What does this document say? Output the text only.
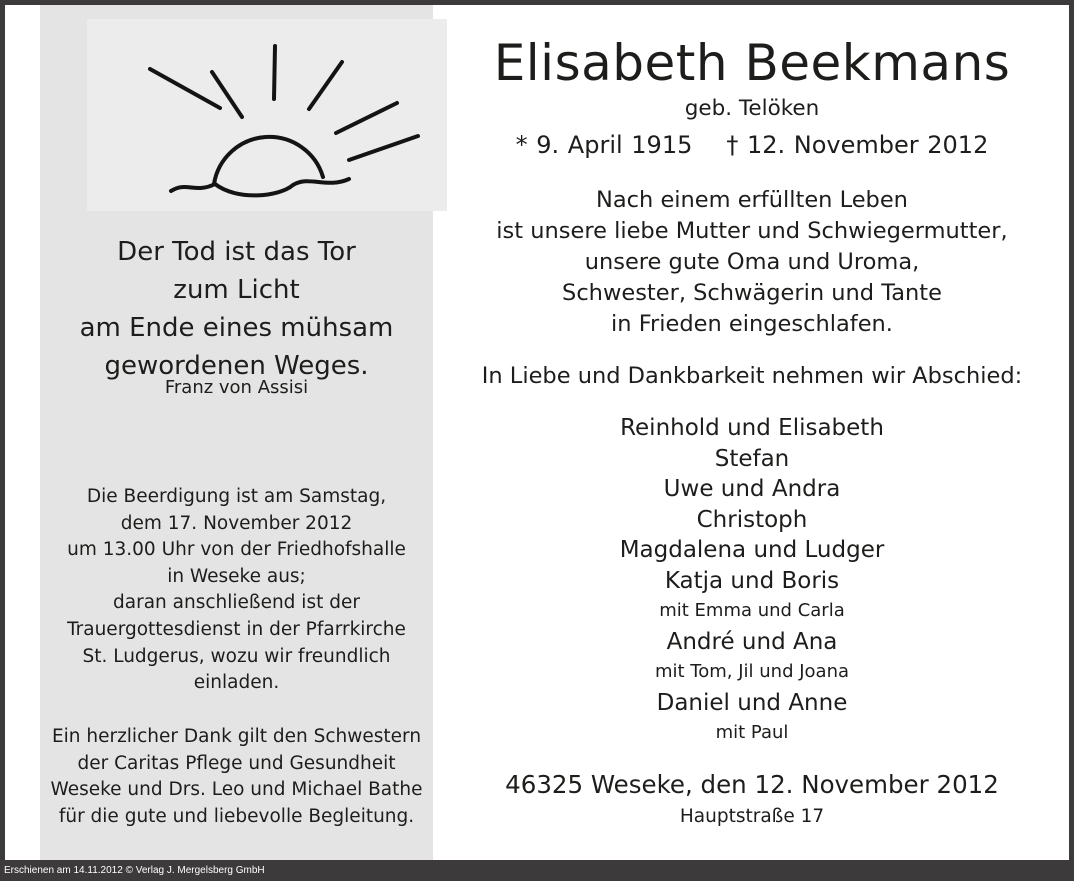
Der Tod ist das Tor
zum Licht
am Ende eines mühsam
gewordenen Weges.
Franz von Assisi
Die Beerdigung ist am Samstag,
dem 17. November 2012
um 13.00 Uhr von der Friedhofshalle
in Weseke aus;
daran anschließend ist der
Trauergottesdienst in der Pfarrkirche
St. Ludgerus, wozu wir freundlich
einladen.
Ein herzlicher Dank gilt den Schwestern
der Caritas Pflege und Gesundheit
Weseke und Drs. Leo und Michael Bathe
für die gute und liebevolle Begleitung.
Elisabeth Beekmans
geb. Telöken
* 9. April 1915 † 12. November 2012
Nach einem erfüllten Leben
ist unsere liebe Mutter und Schwiegermutter,
unsere gute Oma und Uroma,
Schwester, Schwägerin und Tante
in Frieden eingeschlafen.
In Liebe und Dankbarkeit nehmen wir Abschied:
Reinhold und Elisabeth
Stefan
Uwe und Andra
Christoph
Magdalena und Ludger
Katja und Boris
mit Emma und Carla
André und Ana
mit Tom, Jil und Joana
Daniel und Anne
mit Paul
46325 Weseke, den 12. November 2012
Hauptstraße 17
Erschienen am 14.11.2012 © Verlag J. Mergelsberg GmbH
